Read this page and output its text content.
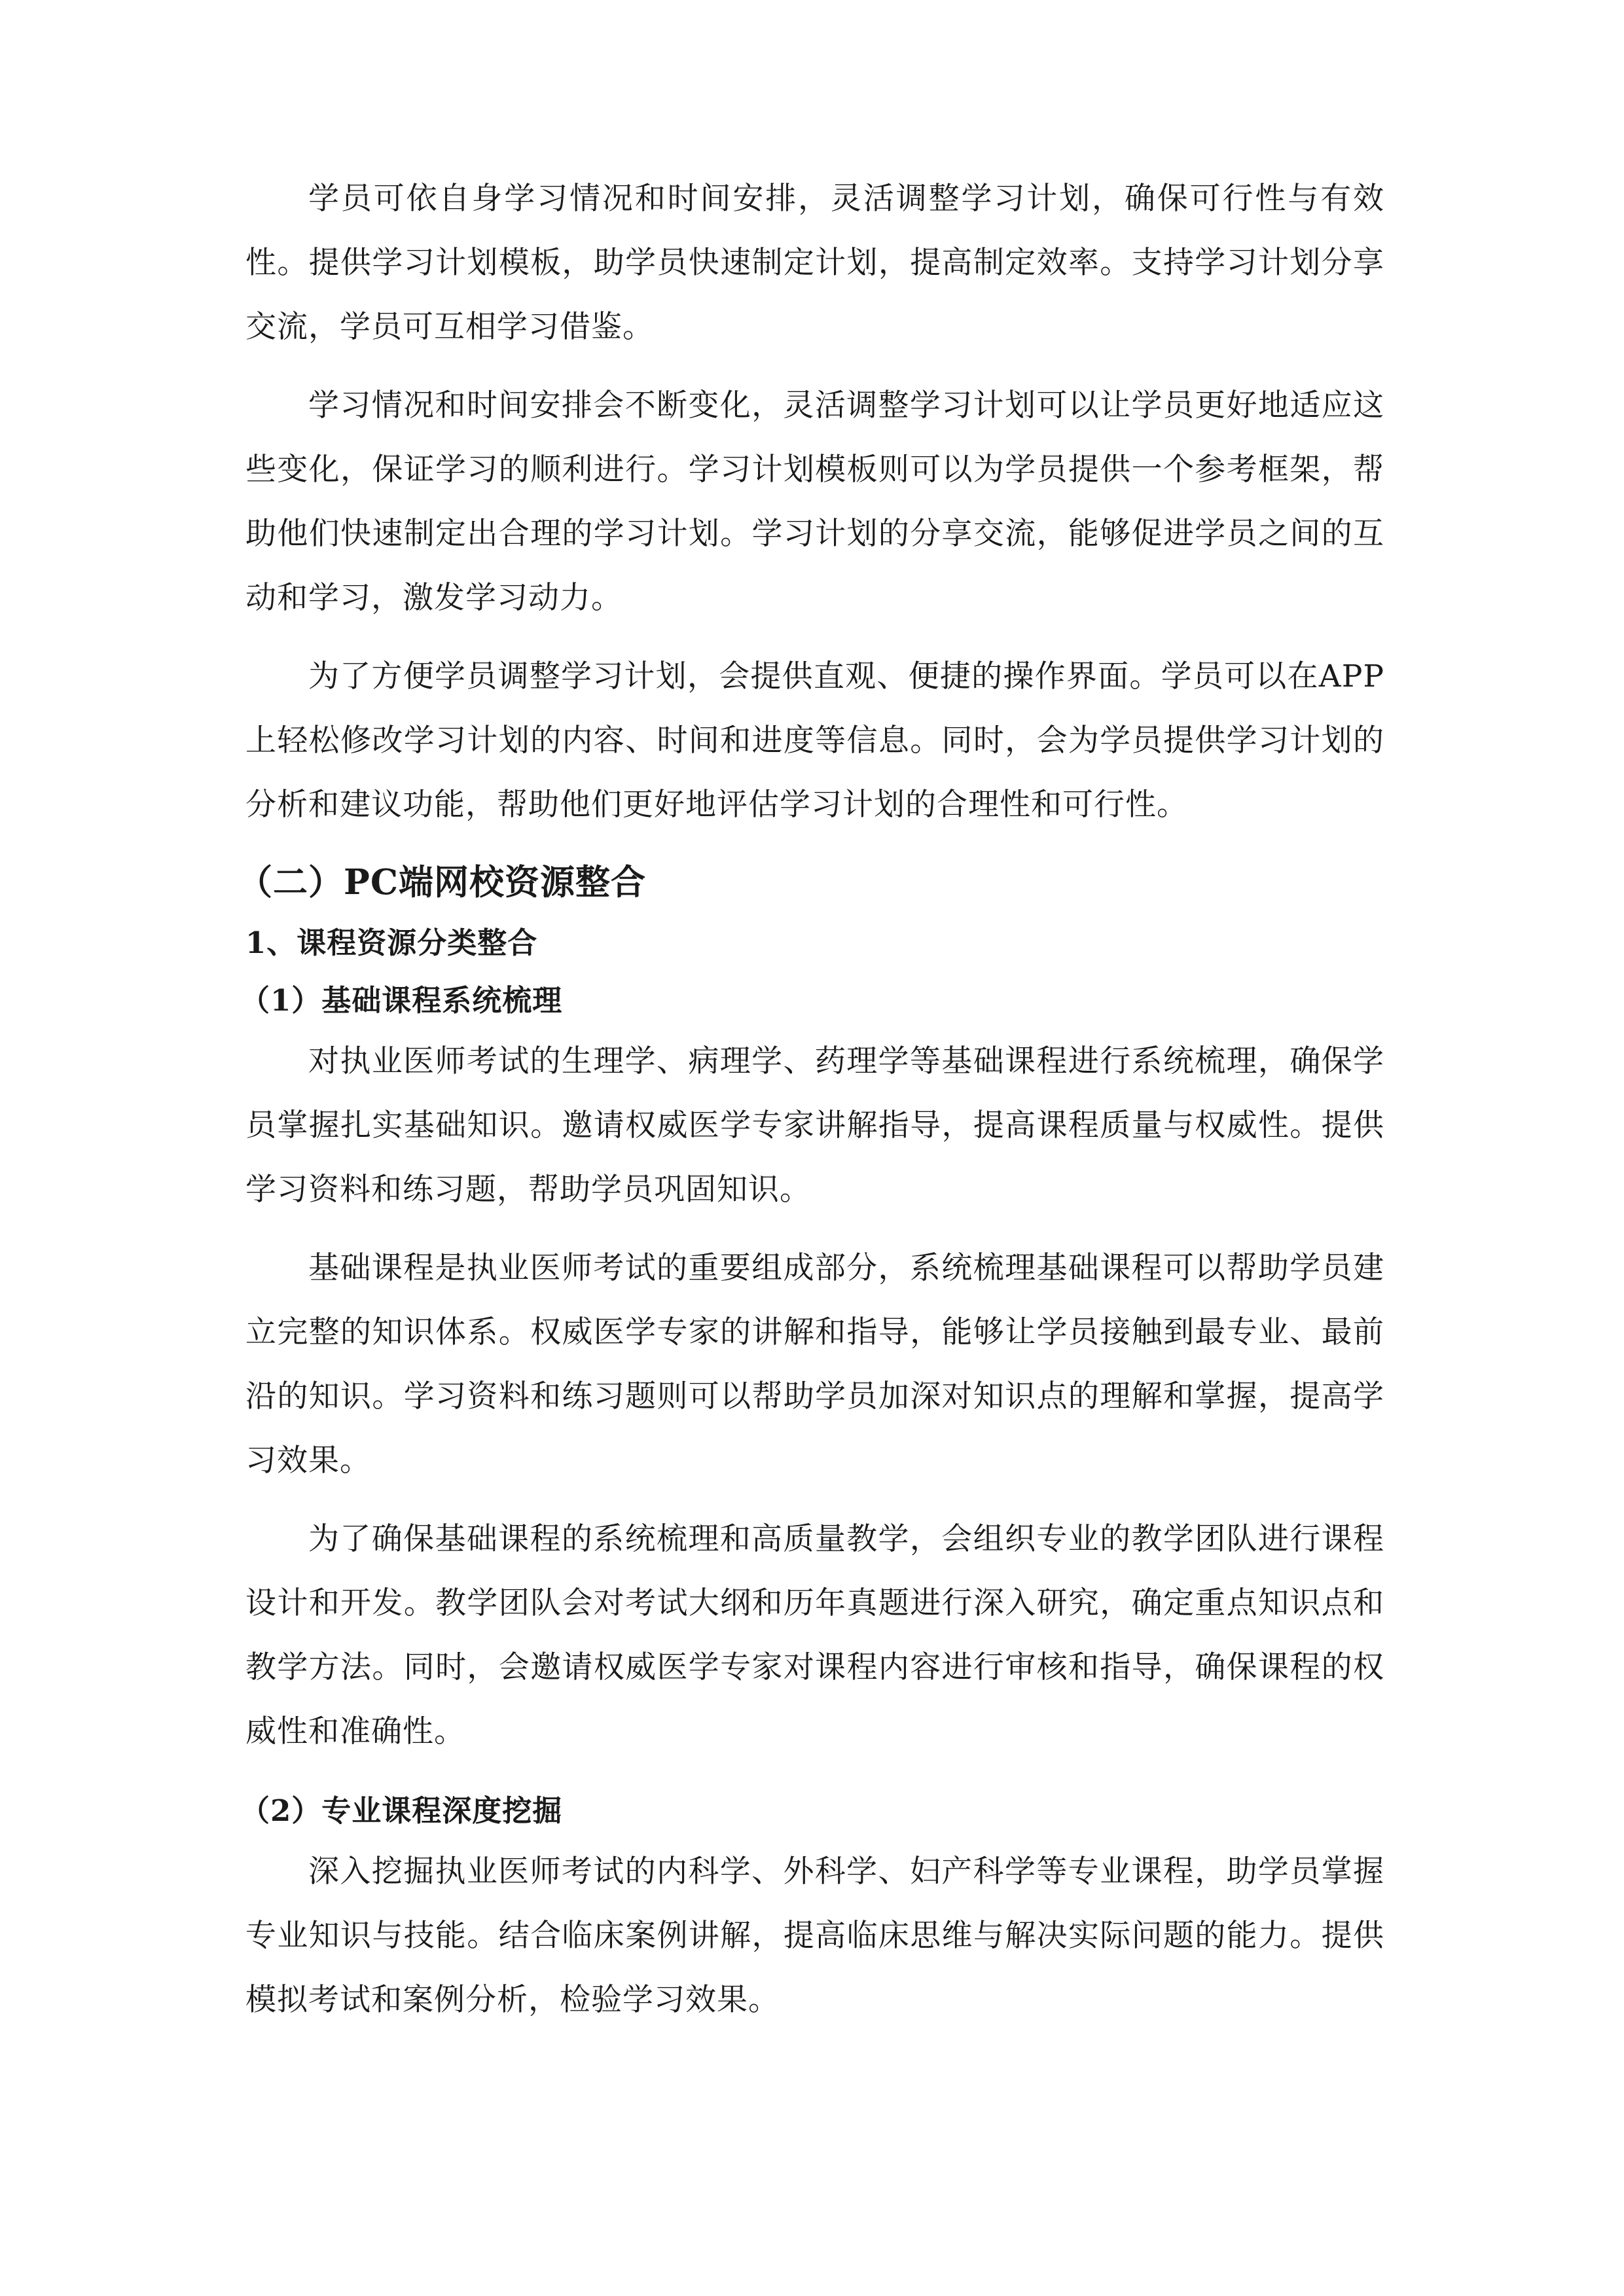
学员可依自身学习情况和时间安排，灵活调整学习计划，确保可行性与有效性。提供学习计划模板，助学员快速制定计划，提高制定效率。支持学习计划分享交流，学员可互相学习借鉴。

学习情况和时间安排会不断变化，灵活调整学习计划可以让学员更好地适应这些变化，保证学习的顺利进行。学习计划模板则可以为学员提供一个参考框架，帮助他们快速制定出合理的学习计划。学习计划的分享交流，能够促进学员之间的互动和学习，激发学习动力。

为了方便学员调整学习计划，会提供直观、便捷的操作界面。学员可以在APP上轻松修改学习计划的内容、时间和进度等信息。同时，会为学员提供学习计划的分析和建议功能，帮助他们更好地评估学习计划的合理性和可行性。

（二）PC端网校资源整合
1、课程资源分类整合
（1）基础课程系统梳理

对执业医师考试的生理学、病理学、药理学等基础课程进行系统梳理，确保学员掌握扎实基础知识。邀请权威医学专家讲解指导，提高课程质量与权威性。提供学习资料和练习题，帮助学员巩固知识。

基础课程是执业医师考试的重要组成部分，系统梳理基础课程可以帮助学员建立完整的知识体系。权威医学专家的讲解和指导，能够让学员接触到最专业、最前沿的知识。学习资料和练习题则可以帮助学员加深对知识点的理解和掌握，提高学习效果。

为了确保基础课程的系统梳理和高质量教学，会组织专业的教学团队进行课程设计和开发。教学团队会对考试大纲和历年真题进行深入研究，确定重点知识点和教学方法。同时，会邀请权威医学专家对课程内容进行审核和指导，确保课程的权威性和准确性。

（2）专业课程深度挖掘

深入挖掘执业医师考试的内科学、外科学、妇产科学等专业课程，助学员掌握专业知识与技能。结合临床案例讲解，提高临床思维与解决实际问题的能力。提供模拟考试和案例分析，检验学习效果。
